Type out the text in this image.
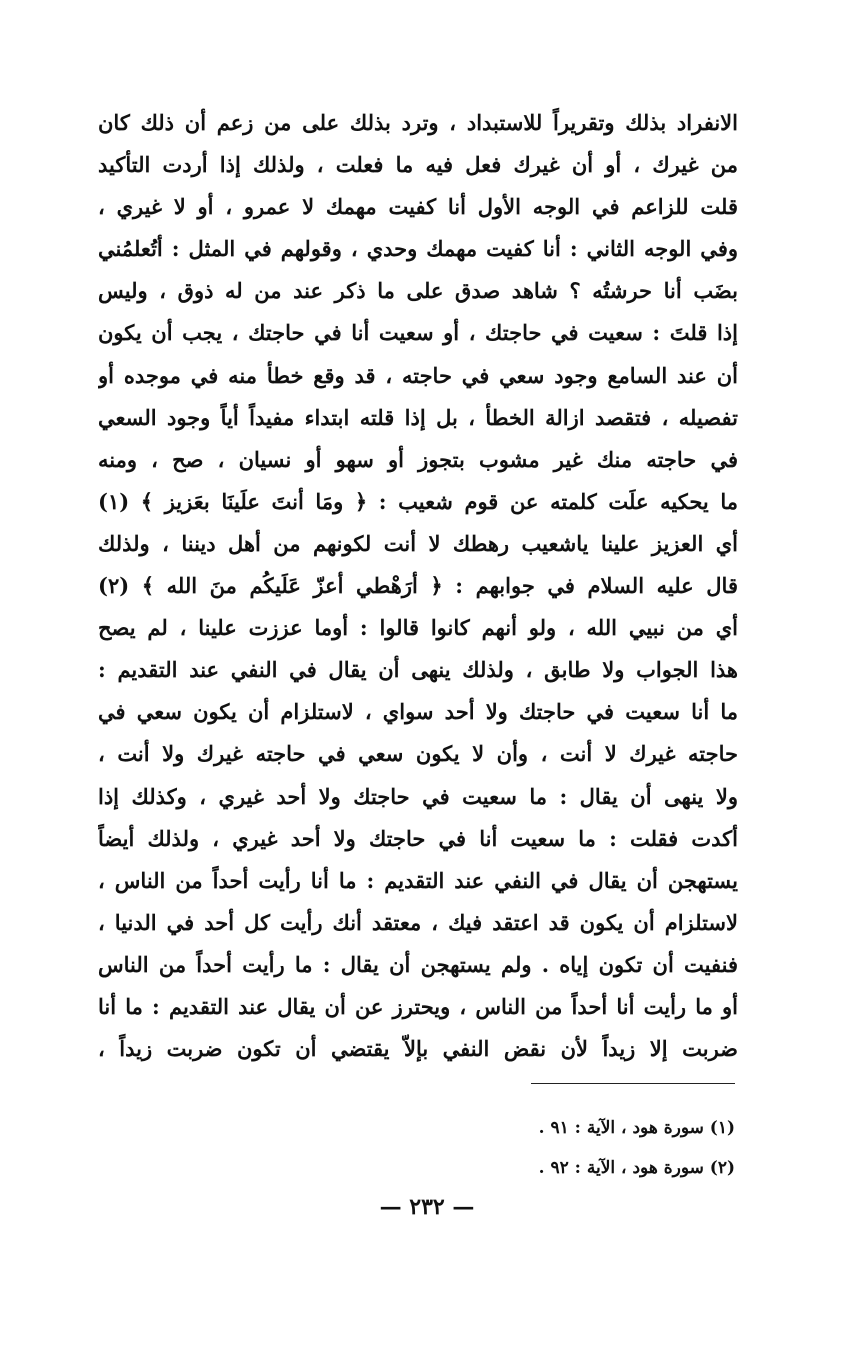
الانفراد بذلك وتقريراً للاستبداد ، وترد بذلك على من زعم أن ذلك كان
من غيرك ، أو أن غيرك فعل فيه ما فعلت ، ولذلك إذا أردت التأكيد
قلت للزاعم في الوجه الأول أنا كفيت مهمك لا عمرو ، أو لا غيري ،
وفي الوجه الثاني : أنا كفيت مهمك وحدي ، وقولهم في المثل : أتُعلمُني
بضَب أنا حرشتُه ؟ شاهد صدق على ما ذكر عند من له ذوق ، وليس
إذا قلتَ : سعيت في حاجتك ، أو سعيت أنا في حاجتك ، يجب أن يكون
أن عند السامع وجود سعي في حاجته ، قد وقع خطأ منه في موجده أو
تفصيله ، فتقصد ازالة الخطأ ، بل إذا قلته ابتداء مفيداً أياً وجود السعي
في حاجته منك غير مشوب بتجوز أو سهو أو نسيان ، صح ، ومنه
ما يحكيه علَت كلمته عن قوم شعيب : ﴿ ومَا أنتَ علَينَا بعَزيز ﴾ (١)
أي العزيز علينا ياشعيب رهطك لا أنت لكونهم من أهل ديننا ، ولذلك
قال عليه السلام في جوابهم : ﴿ أرَهْطي أعزّ عَلَيكُم منَ الله ﴾ (٢)
أي من نبيي الله ، ولو أنهم كانوا قالوا : أوما عززت علينا ، لم يصح
هذا الجواب ولا طابق ، ولذلك ينهى أن يقال في النفي عند التقديم :
ما أنا سعيت في حاجتك ولا أحد سواي ، لاستلزام أن يكون سعي في
حاجته غيرك لا أنت ، وأن لا يكون سعي في حاجته غيرك ولا أنت ،
ولا ينهى أن يقال : ما سعيت في حاجتك ولا أحد غيري ، وكذلك إذا
أكدت فقلت : ما سعيت أنا في حاجتك ولا أحد غيري ، ولذلك أيضاً
يستهجن أن يقال في النفي عند التقديم : ما أنا رأيت أحداً من الناس ،
لاستلزام أن يكون قد اعتقد فيك ، معتقد أنك رأيت كل أحد في الدنيا ،
فنفيت أن تكون إياه . ولم يستهجن أن يقال : ما رأيت أحداً من الناس
أو ما رأيت أنا أحداً من الناس ، ويحترز عن أن يقال عند التقديم : ما أنا
ضربت إلا زيداً لأن نقض النفي بإلاّ يقتضي أن تكون ضربت زيداً ،
(١) سورة هود ، الآية : ٩١ .
(٢) سورة هود ، الآية : ٩٢ .
— ٢٣٢ —
